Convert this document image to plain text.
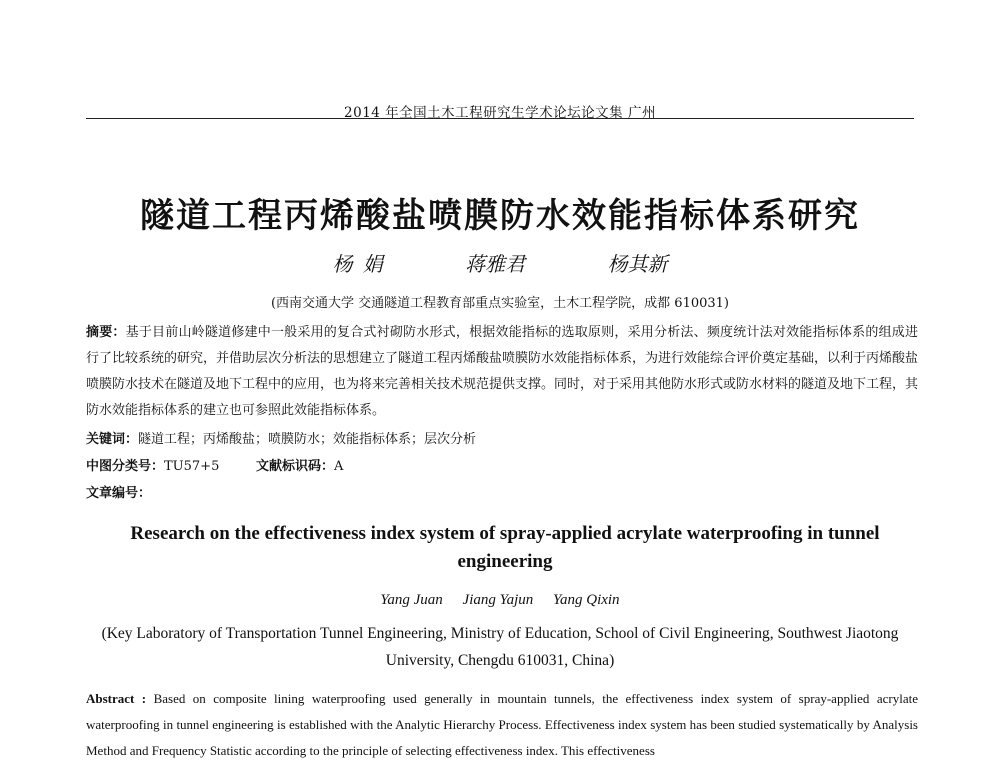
2014 年全国土木工程研究生学术论坛论文集 广州
隧道工程丙烯酸盐喷膜防水效能指标体系研究
杨 娟	蒋雅君	杨其新
(西南交通大学 交通隧道工程教育部重点实验室，土木工程学院，成都 610031)
摘要：基于目前山岭隧道修建中一般采用的复合式衬砌防水形式，根据效能指标的选取原则，采用分析法、频度统计法对效能指标体系的组成进行了比较系统的研究，并借助层次分析法的思想建立了隧道工程丙烯酸盐喷膜防水效能指标体系，为进行效能综合评价奠定基础，以利于丙烯酸盐喷膜防水技术在隧道及地下工程中的应用，也为将来完善相关技术规范提供支撑。同时，对于采用其他防水形式或防水材料的隧道及地下工程，其防水效能指标体系的建立也可参照此效能指标体系。
关键词：隧道工程；丙烯酸盐；喷膜防水；效能指标体系；层次分析
中图分类号：TU57+5	文献标识码：A
文章编号：
Research on the effectiveness index system of spray-applied acrylate waterproofing in tunnel engineering
Yang Juan Jiang Yajun Yang Qixin
(Key Laboratory of Transportation Tunnel Engineering, Ministry of Education, School of Civil Engineering, Southwest Jiaotong University, Chengdu 610031, China)
Abstract : Based on composite lining waterproofing used generally in mountain tunnels, the effectiveness index system of spray-applied acrylate waterproofing in tunnel engineering is established with the Analytic Hierarchy Process. Effectiveness index system has been studied systematically by Analysis Method and Frequency Statistic according to the principle of selecting effectiveness index. This effectiveness
